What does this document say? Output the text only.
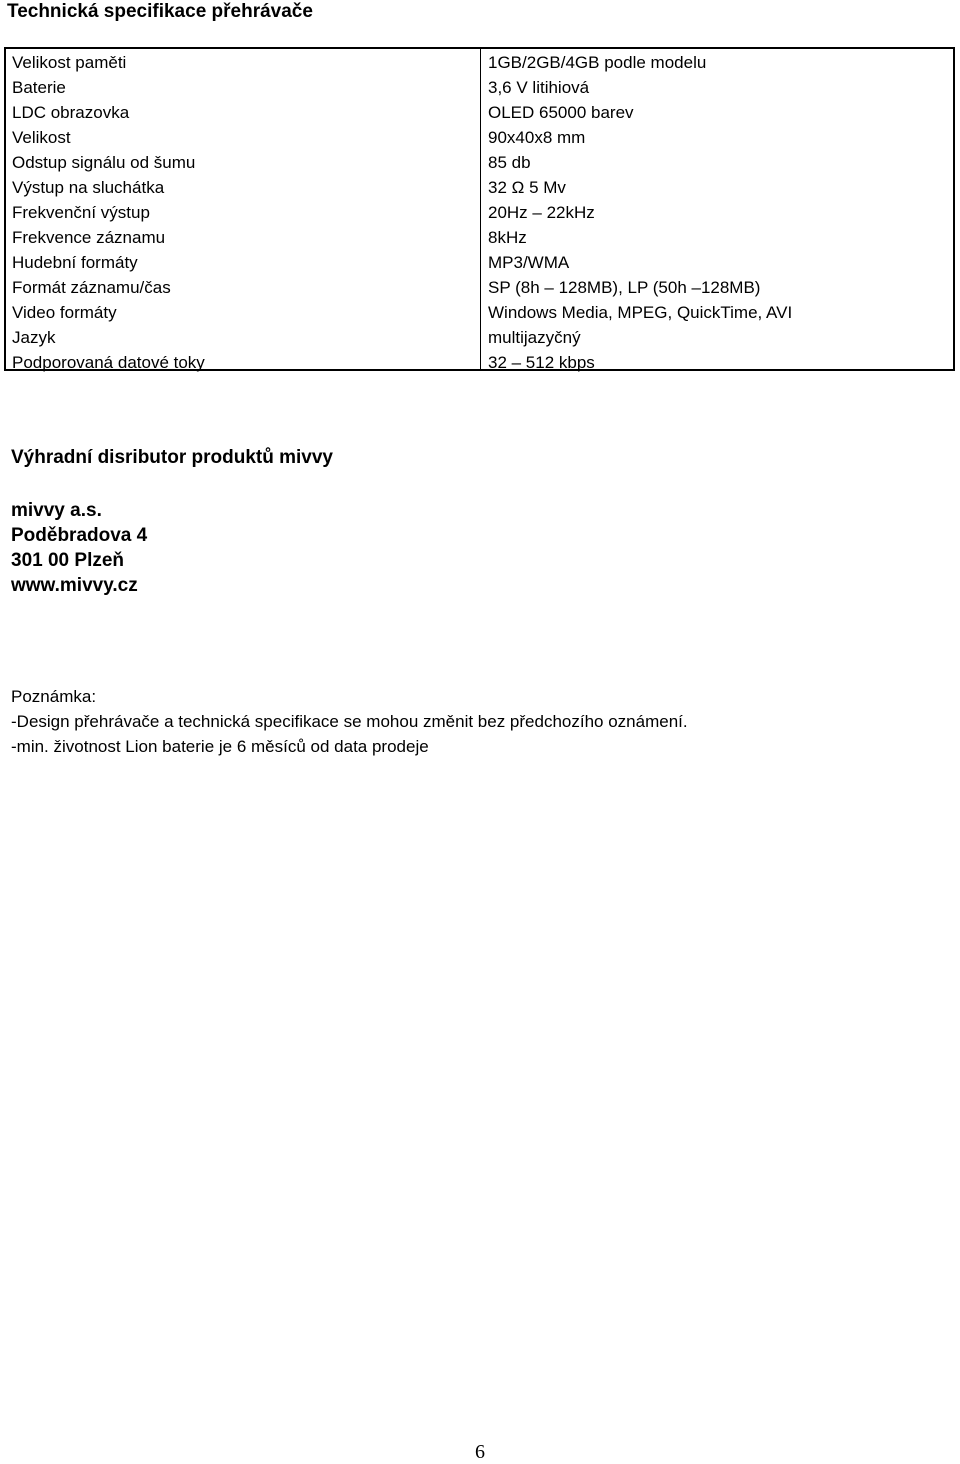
Technická specifikace přehrávače
Velikost paměti
Baterie
LDC obrazovka
Velikost
Odstup signálu od šumu
Výstup na sluchátka
Frekvenční výstup
Frekvence záznamu
Hudební formáty
Formát záznamu/čas
Video formáty
Jazyk
Podporovaná datové toky
1GB/2GB/4GB podle modelu
3,6 V litihiová
OLED 65000 barev
90x40x8 mm
85 db
32 Ω 5 Mv
20Hz – 22kHz
8kHz
MP3/WMA
SP (8h – 128MB), LP (50h –128MB)
Windows Media, MPEG, QuickTime, AVI
multijazyčný
32 – 512 kbps
Výhradní disributor produktů mivvy
mivvy a.s.
Poděbradova 4
301 00 Plzeň
www.mivvy.cz
Poznámka:
-Design přehrávače a technická specifikace se mohou změnit bez předchozího oznámení.
-min. životnost Lion baterie je 6 měsíců od data prodeje
6
